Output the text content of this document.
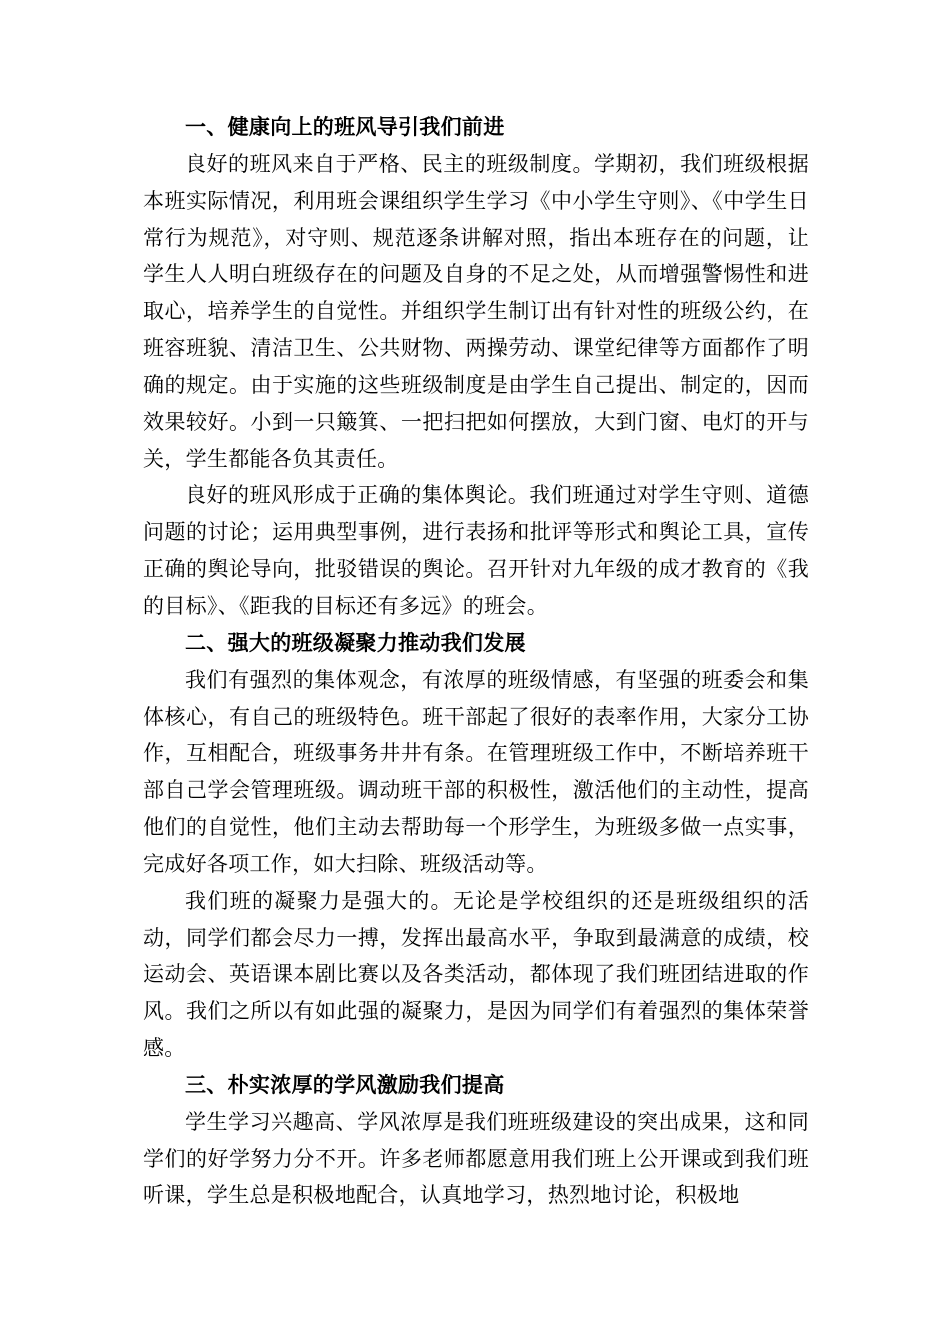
一、健康向上的班风导引我们前进

良好的班风来自于严格、民主的班级制度。学期初，我们班级根据本班实际情况，利用班会课组织学生学习《中小学生守则》、《中学生日常行为规范》，对守则、规范逐条讲解对照，指出本班存在的问题，让学生人人明白班级存在的问题及自身的不足之处，从而增强警惕性和进取心，培养学生的自觉性。并组织学生制订出有针对性的班级公约，在班容班貌、清洁卫生、公共财物、两操劳动、课堂纪律等方面都作了明确的规定。由于实施的这些班级制度是由学生自己提出、制定的，因而效果较好。小到一只簸箕、一把扫把如何摆放，大到门窗、电灯的开与关，学生都能各负其责任。

良好的班风形成于正确的集体舆论。我们班通过对学生守则、道德问题的讨论；运用典型事例，进行表扬和批评等形式和舆论工具，宣传正确的舆论导向，批驳错误的舆论。召开针对九年级的成才教育的《我的目标》、《距我的目标还有多远》的班会。

二、强大的班级凝聚力推动我们发展

我们有强烈的集体观念，有浓厚的班级情感，有坚强的班委会和集体核心，有自己的班级特色。班干部起了很好的表率作用，大家分工协作，互相配合，班级事务井井有条。在管理班级工作中，不断培养班干部自己学会管理班级。调动班干部的积极性，激活他们的主动性，提高他们的自觉性，他们主动去帮助每一个形学生，为班级多做一点实事，完成好各项工作，如大扫除、班级活动等。

我们班的凝聚力是强大的。无论是学校组织的还是班级组织的活动，同学们都会尽力一搏，发挥出最高水平，争取到最满意的成绩，校运动会、英语课本剧比赛以及各类活动，都体现了我们班团结进取的作风。我们之所以有如此强的凝聚力，是因为同学们有着强烈的集体荣誉感。

三、朴实浓厚的学风激励我们提高

学生学习兴趣高、学风浓厚是我们班班级建设的突出成果，这和同学们的好学努力分不开。许多老师都愿意用我们班上公开课或到我们班听课，学生总是积极地配合，认真地学习，热烈地讨论，积极地
